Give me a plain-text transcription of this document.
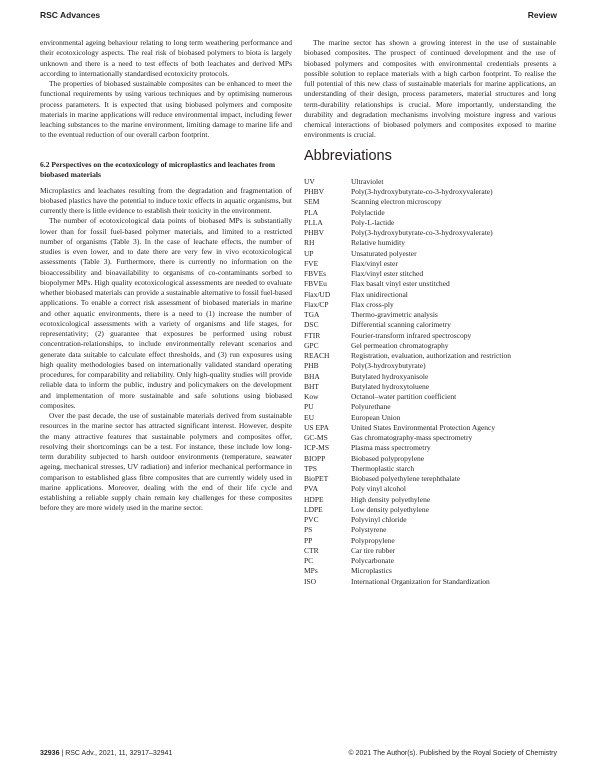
RSC Advances	Review

environmental ageing behaviour relating to long term weathering performance and their ecotoxicology aspects. The real risk of biobased polymers to biota is largely unknown and there is a need to test effects of both leachates and derived MPs according to internationally standardised ecotoxicity protocols.

The properties of biobased sustainable composites can be enhanced to meet the functional requirements by using various techniques and by optimising numerous process parameters. It is expected that using biobased polymers and composite materials in marine applications will reduce environmental impact, including fewer leaching substances to the marine environment, limiting damage to marine life and to the eventual reduction of our overall carbon footprint.

6.2 Perspectives on the ecotoxicology of microplastics and leachates from biobased materials

Microplastics and leachates resulting from the degradation and fragmentation of biobased plastics have the potential to induce toxic effects in aquatic organisms, but currently there is little evidence to establish their toxicity in the environment.

The number of ecotoxicological data points of biobased MPs is substantially lower than for fossil fuel-based polymer materials, and limited to a restricted number of organisms (Table 3). In the case of leachate effects, the number of studies is even lower, and to date there are very few in vivo ecotoxicological assessments (Table 3). Furthermore, there is currently no information on the bioaccessibility and bioavailability to organisms of co-contaminants sorbed to biopolymer MPs. High quality ecotoxicological assessments are needed to evaluate whether biobased materials can provide a sustainable alternative to fossil fuel-based applications. To enable a correct risk assessment of biobased materials in marine and other aquatic environments, there is a need to (1) increase the number of ecotoxicological assessments with a variety of organisms and life stages, for representativity; (2) guarantee that exposures be performed using robust concentration-relationships, to include environmentally relevant scenarios and generate data suitable to calculate effect thresholds, and (3) run exposures using high quality methodologies based on internationally validated standard operating procedures, for comparability and reliability. Only high-quality studies will provide reliable data to inform the public, industry and policymakers on the development and implementation of more sustainable and safe solutions using biobased composites.

Over the past decade, the use of sustainable materials derived from sustainable resources in the marine sector has attracted significant interest. However, despite the many attractive features that sustainable polymers and composites offer, resolving their shortcomings can be a test. For instance, these include low long-term durability subjected to harsh outdoor environments (temperature, seawater ageing, mechanical stresses, UV radiation) and inferior mechanical performance in comparison to established glass fibre composites that are currently widely used in marine applications. Moreover, dealing with the end of their life cycle and establishing a reliable supply chain remain key challenges for these composites before they are more widely used in the marine sector.

The marine sector has shown a growing interest in the use of sustainable biobased composites. The prospect of continued development and the use of biobased polymers and composites with environmental credentials presents a possible solution to replace materials with a high carbon footprint. To realise the full potential of this new class of sustainable materials for marine applications, an understanding of their design, process parameters, material structures and long term-durability relationships is crucial. More importantly, understanding the durability and degradation mechanisms involving moisture ingress and various chemical interactions of biobased polymers and composites exposed to marine environments is crucial.

Abbreviations
UV	Ultraviolet
PHBV	Poly(3-hydroxybutyrate-co-3-hydroxyvalerate)
SEM	Scanning electron microscopy
PLA	Polylactide
PLLA	Poly-L-lactide
PHBV	Poly(3-hydroxybutyrate-co-3-hydroxyvalerate)
RH	Relative humidity
UP	Unsaturated polyester
FVE	Flax/vinyl ester
FBVEs	Flax/vinyl ester stitched
FBVEu	Flax basalt vinyl ester unstitched
Flax/UD	Flax unidirectional
Flax/CP	Flax cross-ply
TGA	Thermo-gravimetric analysis
DSC	Differential scanning calorimetry
FTIR	Fourier-transform infrared spectroscopy
GPC	Gel permeation chromatography
REACH	Registration, evaluation, authorization and restriction
PHB	Poly(3-hydroxybutyrate)
BHA	Butylated hydroxyanisole
BHT	Butylated hydroxytoluene
Kow	Octanol–water partition coefficient
PU	Polyurethane
EU	European Union
US EPA	United States Environmental Protection Agency
GC-MS	Gas chromatography-mass spectrometry
ICP-MS	Plasma mass spectrometry
BIOPP	Biobased polypropylene
TPS	Thermoplastic starch
BioPET	Biobased polyethylene terephthalate
PVA	Poly vinyl alcohol
HDPE	High density polyethylene
LDPE	Low density polyethylene
PVC	Polyvinyl chloride
PS	Polystyrene
PP	Polypropylene
CTR	Car tire rubber
PC	Polycarbonate
MPs	Microplastics
ISO	International Organization for Standardization
32936 | RSC Adv., 2021, 11, 32917–32941	© 2021 The Author(s). Published by the Royal Society of Chemistry
